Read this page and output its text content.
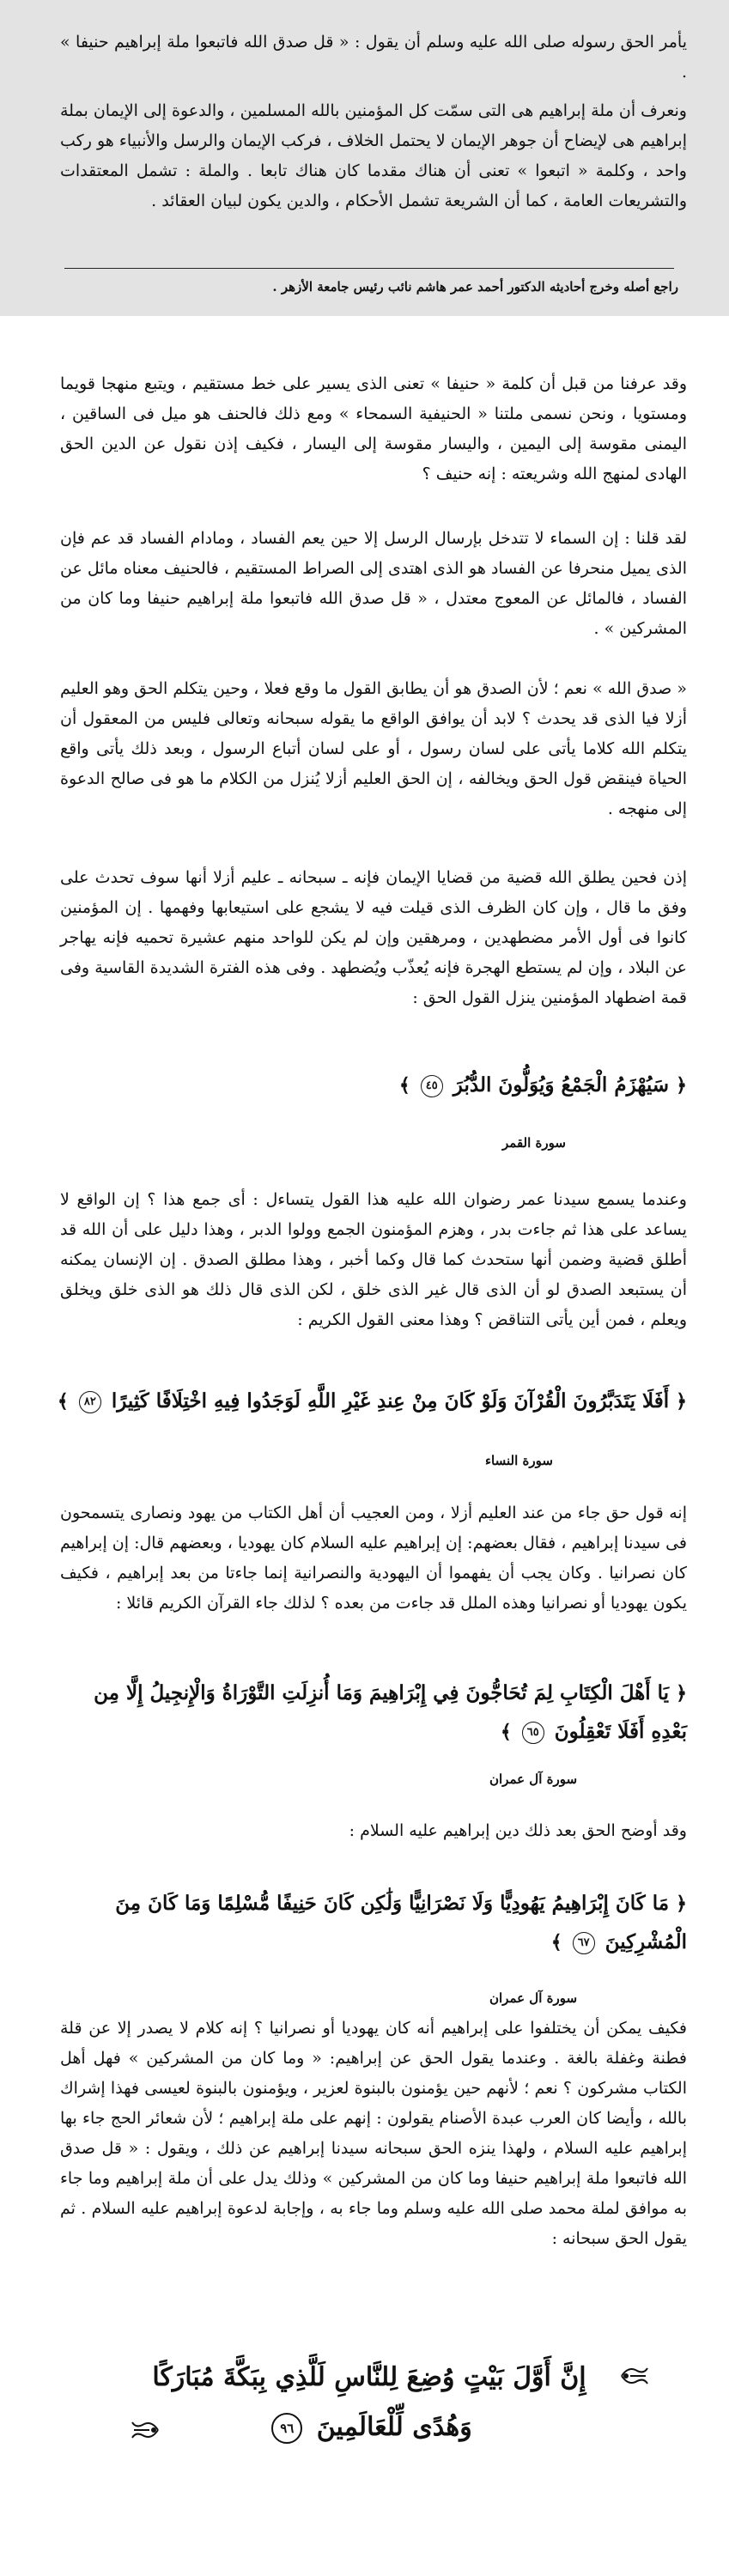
يأمر الحق رسوله صلى الله عليه وسلم أن يقول : « قل صدق الله فاتبعوا ملة إبراهيم حنيفا » .
ونعرف أن ملة إبراهيم هى التى سمّت كل المؤمنين بالله المسلمين ، والدعوة إلى الإيمان بملة إبراهيم هى لإيضاح أن جوهر الإيمان لا يحتمل الخلاف ، فركب الإيمان والرسل والأنبياء هو ركب واحد ، وكلمة « اتبعوا » تعنى أن هناك مقدما كان هناك تابعا . والملة : تشمل المعتقدات والتشريعات العامة ، كما أن الشريعة تشمل الأحكام ، والدين يكون لبيان العقائد .
راجع أصله وخرج أحاديثه الدكتور أحمد عمر هاشم نائب رئيس جامعة الأزهر .
وقد عرفنا من قبل أن كلمة « حنيفا » تعنى الذى يسير على خط مستقيم ، ويتبع منهجا قويما ومستويا ، ونحن نسمى ملتنا « الحنيفية السمحاء » ومع ذلك فالحنف هو ميل فى الساقين ، اليمنى مقوسة إلى اليمين ، واليسار مقوسة إلى اليسار ، فكيف إذن نقول عن الدين الحق الهادى لمنهج الله وشريعته : إنه حنيف ؟
لقد قلنا : إن السماء لا تتدخل بإرسال الرسل إلا حين يعم الفساد ، ومادام الفساد قد عم فإن الذى يميل منحرفا عن الفساد هو الذى اهتدى إلى الصراط المستقيم ، فالحنيف معناه مائل عن الفساد ، فالمائل عن المعوج معتدل ، « قل صدق الله فاتبعوا ملة إبراهيم حنيفا وما كان من المشركين » .
« صدق الله » نعم ؛ لأن الصدق هو أن يطابق القول ما وقع فعلا ، وحين يتكلم الحق وهو العليم أزلا فيا الذى قد يحدث ؟ لابد أن يوافق الواقع ما يقوله سبحانه وتعالى فليس من المعقول أن يتكلم الله كلاما يأتى على لسان رسول ، أو على لسان أتباع الرسول ، وبعد ذلك يأتى واقع الحياة فينقض قول الحق ويخالفه ، إن الحق العليم أزلا يُنزل من الكلام ما هو فى صالح الدعوة إلى منهجه .
إذن فحين يطلق الله قضية من قضايا الإيمان فإنه ـ سبحانه ـ عليم أزلا أنها سوف تحدث على وفق ما قال ، وإن كان الظرف الذى قيلت فيه لا يشجع على استيعابها وفهمها . إن المؤمنين كانوا فى أول الأمر مضطهدين ، ومرهقين وإن لم يكن للواحد منهم عشيرة تحميه فإنه يهاجر عن البلاد ، وإن لم يستطع الهجرة فإنه يُعذّب ويُضطهد . وفى هذه الفترة الشديدة القاسية وفى قمة اضطهاد المؤمنين ينزل القول الحق :
﴿ سَيُهْزَمُ الْجَمْعُ وَيُوَلُّونَ الدُّبُرَ ٤٥ ﴾
سورة القمر
وعندما يسمع سيدنا عمر رضوان الله عليه هذا القول يتساءل : أى جمع هذا ؟ إن الواقع لا يساعد على هذا ثم جاءت بدر ، وهزم المؤمنون الجمع وولوا الدبر ، وهذا دليل على أن الله قد أطلق قضية وضمن أنها ستحدث كما قال وكما أخبر ، وهذا مطلق الصدق . إن الإنسان يمكنه أن يستبعد الصدق لو أن الذى قال غير الذى خلق ، لكن الذى قال ذلك هو الذى خلق ويخلق ويعلم ، فمن أين يأتى التناقض ؟ وهذا معنى القول الكريم :
﴿ أَفَلَا يَتَدَبَّرُونَ الْقُرْآنَ وَلَوْ كَانَ مِنْ عِندِ غَيْرِ اللَّهِ لَوَجَدُوا فِيهِ اخْتِلَافًا كَثِيرًا ٨٢ ﴾
سورة النساء
إنه قول حق جاء من عند العليم أزلا ، ومن العجيب أن أهل الكتاب من يهود ونصارى يتسمحون فى سيدنا إبراهيم ، فقال بعضهم: إن إبراهيم عليه السلام كان يهوديا ، وبعضهم قال: إن إبراهيم كان نصرانيا . وكان يجب أن يفهموا أن اليهودية والنصرانية إنما جاءتا من بعد إبراهيم ، فكيف يكون يهوديا أو نصرانيا وهذه الملل قد جاءت من بعده ؟ لذلك جاء القرآن الكريم قائلا :
﴿ يَا أَهْلَ الْكِتَابِ لِمَ تُحَاجُّونَ فِي إِبْرَاهِيمَ وَمَا أُنزِلَتِ التَّوْرَاةُ وَالْإِنجِيلُ إِلَّا مِن بَعْدِهِ أَفَلَا تَعْقِلُونَ ٦٥ ﴾
سورة آل عمران
وقد أوضح الحق بعد ذلك دين إبراهيم عليه السلام :
﴿ مَا كَانَ إِبْرَاهِيمُ يَهُودِيًّا وَلَا نَصْرَانِيًّا وَلَٰكِن كَانَ حَنِيفًا مُّسْلِمًا وَمَا كَانَ مِنَ الْمُشْرِكِينَ ٦٧ ﴾
سورة آل عمران
فكيف يمكن أن يختلفوا على إبراهيم أنه كان يهوديا أو نصرانيا ؟ إنه كلام لا يصدر إلا عن قلة فطنة وغفلة بالغة . وعندما يقول الحق عن إبراهيم: « وما كان من المشركين » فهل أهل الكتاب مشركون ؟ نعم ؛ لأنهم حين يؤمنون بالبنوة لعزير ، ويؤمنون بالبنوة لعيسى فهذا إشراك بالله ، وأيضا كان العرب عبدة الأصنام يقولون : إنهم على ملة إبراهيم ؛ لأن شعائر الحج جاء بها إبراهيم عليه السلام ، ولهذا ينزه الحق سبحانه سيدنا إبراهيم عن ذلك ، ويقول : « قل صدق الله فاتبعوا ملة إبراهيم حنيفا وما كان من المشركين » وذلك يدل على أن ملة إبراهيم وما جاء به موافق لملة محمد صلى الله عليه وسلم وما جاء به ، وإجابة لدعوة إبراهيم عليه السلام . ثم يقول الحق سبحانه :
إِنَّ أَوَّلَ بَيْتٍ وُضِعَ لِلنَّاسِ لَلَّذِي بِبَكَّةَ مُبَارَكًا
وَهُدًى لِّلْعَالَمِينَ ٩٦
